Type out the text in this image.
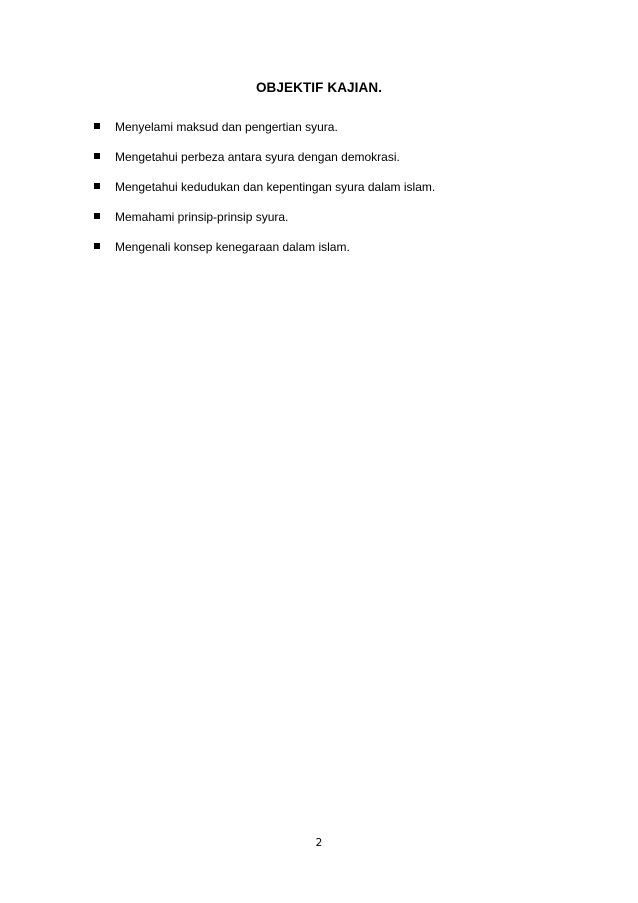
OBJEKTIF KAJIAN.
Menyelami maksud dan pengertian syura.
Mengetahui perbeza antara syura dengan demokrasi.
Mengetahui kedudukan dan kepentingan syura dalam islam.
Memahami prinsip-prinsip syura.
Mengenali konsep kenegaraan dalam islam.
2
